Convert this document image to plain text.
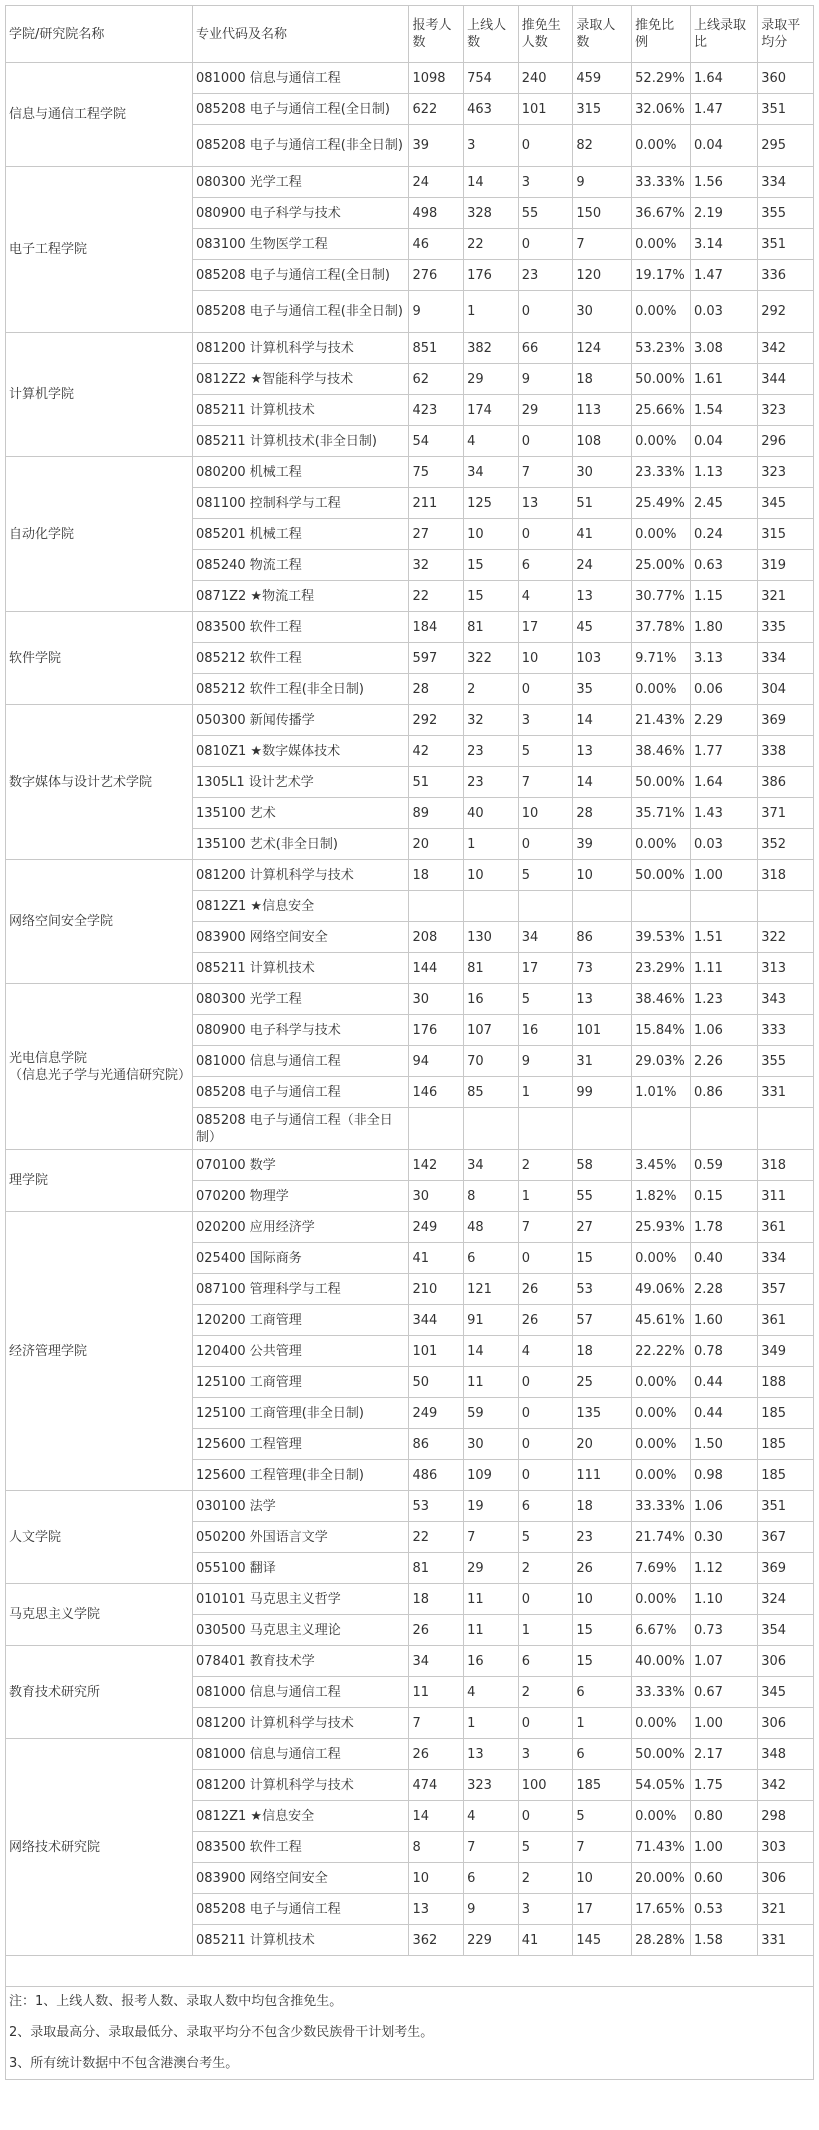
学院/研究院名称	专业代码及名称	报考人数	上线人数	推免生人数	录取人数	推免比例	上线录取比	录取平均分
信息与通信工程学院	081000 信息与通信工程	1098	754	240	459	52.29%	1.64	360
	085208 电子与通信工程(全日制)	622	463	101	315	32.06%	1.47	351
	085208 电子与通信工程(非全日制)	39	3	0	82	0.00%	0.04	295
电子工程学院	080300 光学工程	24	14	3	9	33.33%	1.56	334
	080900 电子科学与技术	498	328	55	150	36.67%	2.19	355
	083100 生物医学工程	46	22	0	7	0.00%	3.14	351
	085208 电子与通信工程(全日制)	276	176	23	120	19.17%	1.47	336
	085208 电子与通信工程(非全日制)	9	1	0	30	0.00%	0.03	292
计算机学院	081200 计算机科学与技术	851	382	66	124	53.23%	3.08	342
	0812Z2 ★智能科学与技术	62	29	9	18	50.00%	1.61	344
	085211 计算机技术	423	174	29	113	25.66%	1.54	323
	085211 计算机技术(非全日制)	54	4	0	108	0.00%	0.04	296
自动化学院	080200 机械工程	75	34	7	30	23.33%	1.13	323
	081100 控制科学与工程	211	125	13	51	25.49%	2.45	345
	085201 机械工程	27	10	0	41	0.00%	0.24	315
	085240 物流工程	32	15	6	24	25.00%	0.63	319
	0871Z2 ★物流工程	22	15	4	13	30.77%	1.15	321
软件学院	083500 软件工程	184	81	17	45	37.78%	1.80	335
	085212 软件工程	597	322	10	103	9.71%	3.13	334
	085212 软件工程(非全日制)	28	2	0	35	0.00%	0.06	304
数字媒体与设计艺术学院	050300 新闻传播学	292	32	3	14	21.43%	2.29	369
	0810Z1 ★数字媒体技术	42	23	5	13	38.46%	1.77	338
	1305L1 设计艺术学	51	23	7	14	50.00%	1.64	386
	135100 艺术	89	40	10	28	35.71%	1.43	371
	135100 艺术(非全日制)	20	1	0	39	0.00%	0.03	352
网络空间安全学院	081200 计算机科学与技术	18	10	5	10	50.00%	1.00	318
	0812Z1 ★信息安全							
	083900 网络空间安全	208	130	34	86	39.53%	1.51	322
	085211 计算机技术	144	81	17	73	23.29%	1.11	313
光电信息学院
（信息光子学与光通信研究院）	080300 光学工程	30	16	5	13	38.46%	1.23	343
	080900 电子科学与技术	176	107	16	101	15.84%	1.06	333
	081000 信息与通信工程	94	70	9	31	29.03%	2.26	355
	085208 电子与通信工程	146	85	1	99	1.01%	0.86	331
	085208 电子与通信工程（非全日制）							
理学院	070100 数学	142	34	2	58	3.45%	0.59	318
	070200 物理学	30	8	1	55	1.82%	0.15	311
经济管理学院	020200 应用经济学	249	48	7	27	25.93%	1.78	361
	025400 国际商务	41	6	0	15	0.00%	0.40	334
	087100 管理科学与工程	210	121	26	53	49.06%	2.28	357
	120200 工商管理	344	91	26	57	45.61%	1.60	361
	120400 公共管理	101	14	4	18	22.22%	0.78	349
	125100 工商管理	50	11	0	25	0.00%	0.44	188
	125100 工商管理(非全日制)	249	59	0	135	0.00%	0.44	185
	125600 工程管理	86	30	0	20	0.00%	1.50	185
	125600 工程管理(非全日制)	486	109	0	111	0.00%	0.98	185
人文学院	030100 法学	53	19	6	18	33.33%	1.06	351
	050200 外国语言文学	22	7	5	23	21.74%	0.30	367
	055100 翻译	81	29	2	26	7.69%	1.12	369
马克思主义学院	010101 马克思主义哲学	18	11	0	10	0.00%	1.10	324
	030500 马克思主义理论	26	11	1	15	6.67%	0.73	354
教育技术研究所	078401 教育技术学	34	16	6	15	40.00%	1.07	306
	081000 信息与通信工程	11	4	2	6	33.33%	0.67	345
	081200 计算机科学与技术	7	1	0	1	0.00%	1.00	306
网络技术研究院	081000 信息与通信工程	26	13	3	6	50.00%	2.17	348
	081200 计算机科学与技术	474	323	100	185	54.05%	1.75	342
	0812Z1 ★信息安全	14	4	0	5	0.00%	0.80	298
	083500 软件工程	8	7	5	7	71.43%	1.00	303
	083900 网络空间安全	10	6	2	10	20.00%	0.60	306
	085208 电子与通信工程	13	9	3	17	17.65%	0.53	321
	085211 计算机技术	362	229	41	145	28.28%	1.58	331

注：1、上线人数、报考人数、录取人数中均包含推免生。
2、录取最高分、录取最低分、录取平均分不包含少数民族骨干计划考生。
3、所有统计数据中不包含港澳台考生。
